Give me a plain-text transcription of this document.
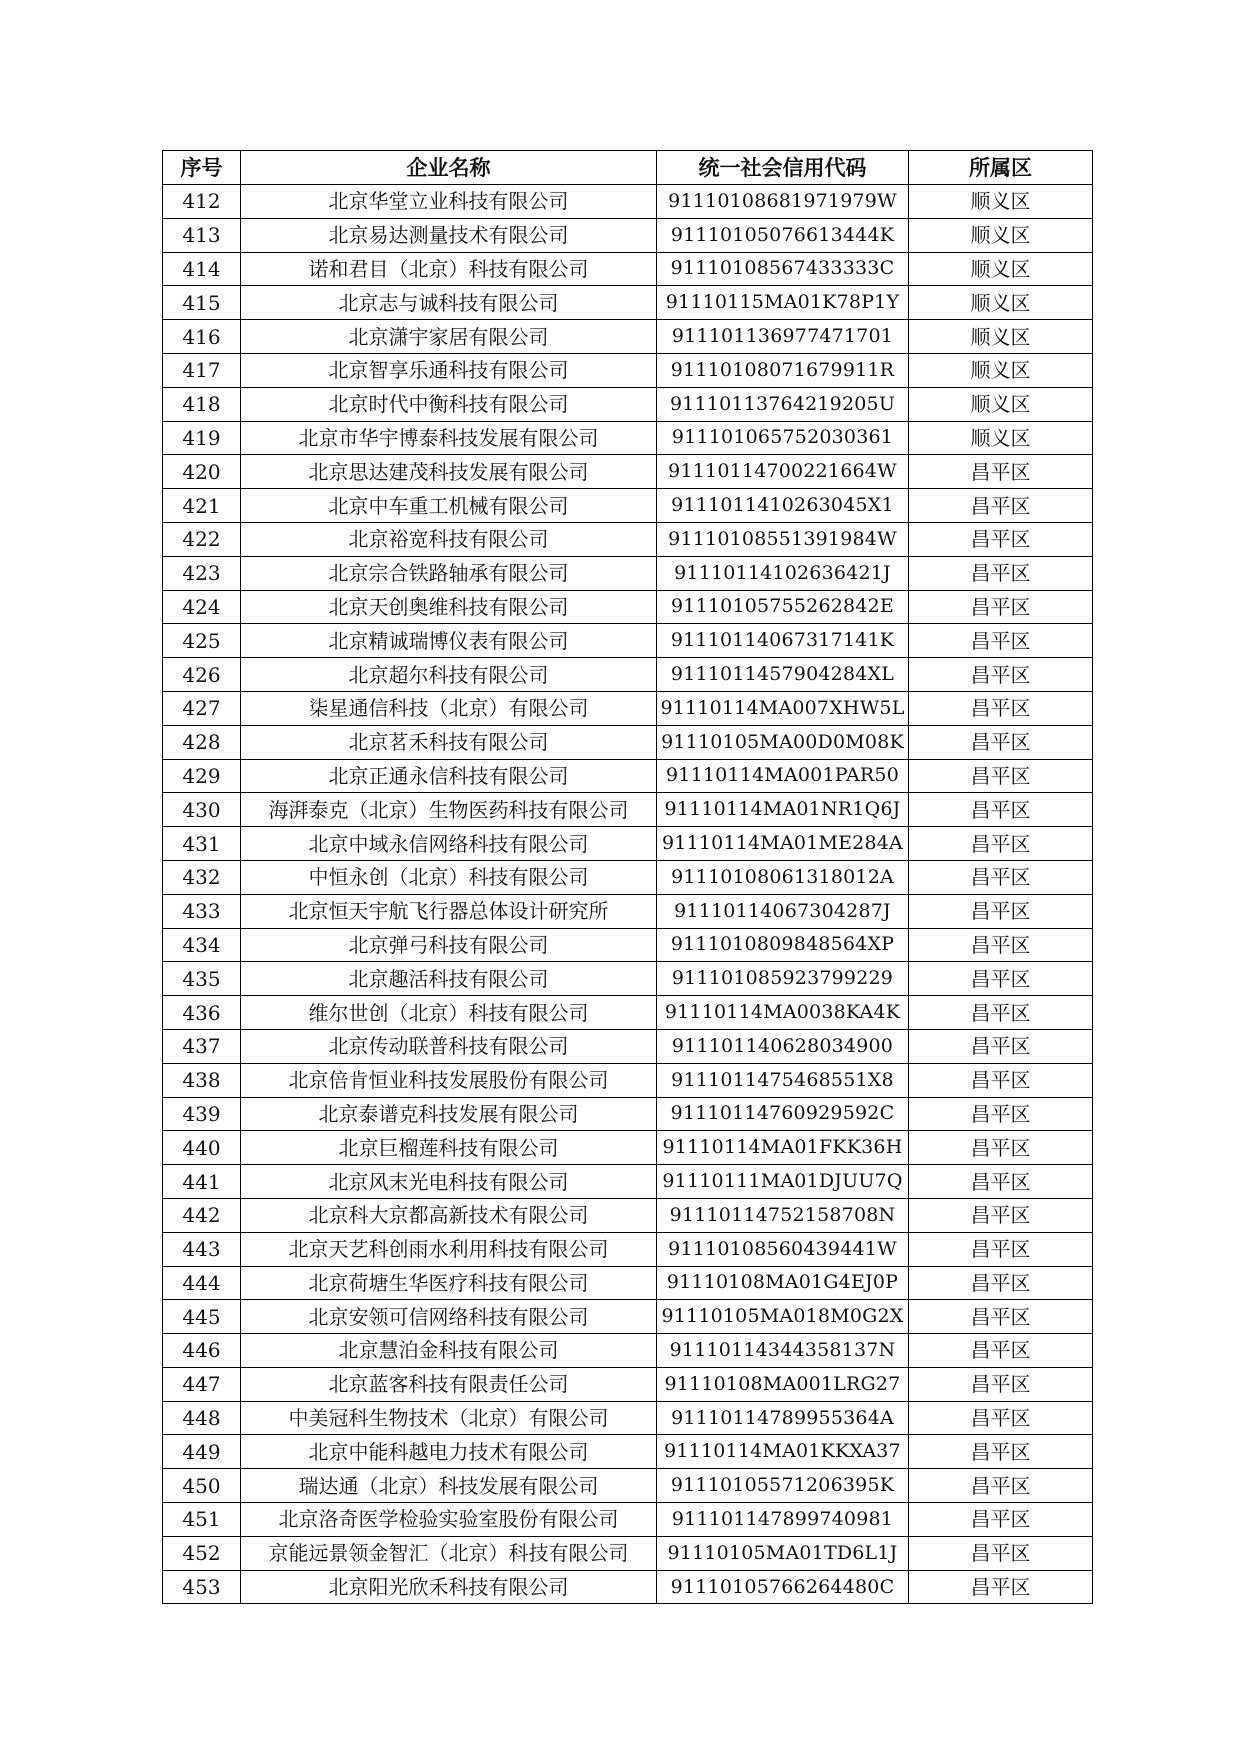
序号	企业名称	统一社会信用代码	所属区
412	北京华堂立业科技有限公司	91110108681971979W	顺义区
413	北京易达测量技术有限公司	91110105076613444K	顺义区
414	诺和君目（北京）科技有限公司	91110108567433333C	顺义区
415	北京志与诚科技有限公司	91110115MA01K78P1Y	顺义区
416	北京潇宇家居有限公司	911101136977471701	顺义区
417	北京智享乐通科技有限公司	91110108071679911R	顺义区
418	北京时代中衡科技有限公司	91110113764219205U	顺义区
419	北京市华宇博泰科技发展有限公司	911101065752030361	顺义区
420	北京思达建茂科技发展有限公司	91110114700221664W	昌平区
421	北京中车重工机械有限公司	9111011410263045X1	昌平区
422	北京裕宽科技有限公司	91110108551391984W	昌平区
423	北京宗合铁路轴承有限公司	91110114102636421J	昌平区
424	北京天创奥维科技有限公司	91110105755262842E	昌平区
425	北京精诚瑞博仪表有限公司	91110114067317141K	昌平区
426	北京超尔科技有限公司	9111011457904284XL	昌平区
427	柒星通信科技（北京）有限公司	91110114MA007XHW5L	昌平区
428	北京茗禾科技有限公司	91110105MA00D0M08K	昌平区
429	北京正通永信科技有限公司	91110114MA001PAR50	昌平区
430	海湃泰克（北京）生物医药科技有限公司	91110114MA01NR1Q6J	昌平区
431	北京中域永信网络科技有限公司	91110114MA01ME284A	昌平区
432	中恒永创（北京）科技有限公司	91110108061318012A	昌平区
433	北京恒天宇航飞行器总体设计研究所	91110114067304287J	昌平区
434	北京弹弓科技有限公司	9111010809848564XP	昌平区
435	北京趣活科技有限公司	911101085923799229	昌平区
436	维尔世创（北京）科技有限公司	91110114MA0038KA4K	昌平区
437	北京传动联普科技有限公司	911101140628034900	昌平区
438	北京倍肯恒业科技发展股份有限公司	9111011475468551X8	昌平区
439	北京泰谱克科技发展有限公司	91110114760929592C	昌平区
440	北京巨榴莲科技有限公司	91110114MA01FKK36H	昌平区
441	北京风末光电科技有限公司	91110111MA01DJUU7Q	昌平区
442	北京科大京都高新技术有限公司	91110114752158708N	昌平区
443	北京天艺科创雨水利用科技有限公司	91110108560439441W	昌平区
444	北京荷塘生华医疗科技有限公司	91110108MA01G4EJ0P	昌平区
445	北京安领可信网络科技有限公司	91110105MA018M0G2X	昌平区
446	北京慧泊金科技有限公司	91110114344358137N	昌平区
447	北京蓝客科技有限责任公司	91110108MA001LRG27	昌平区
448	中美冠科生物技术（北京）有限公司	91110114789955364A	昌平区
449	北京中能科越电力技术有限公司	91110114MA01KKXA37	昌平区
450	瑞达通（北京）科技发展有限公司	91110105571206395K	昌平区
451	北京洛奇医学检验实验室股份有限公司	911101147899740981	昌平区
452	京能远景领金智汇（北京）科技有限公司	91110105MA01TD6L1J	昌平区
453	北京阳光欣禾科技有限公司	91110105766264480C	昌平区
